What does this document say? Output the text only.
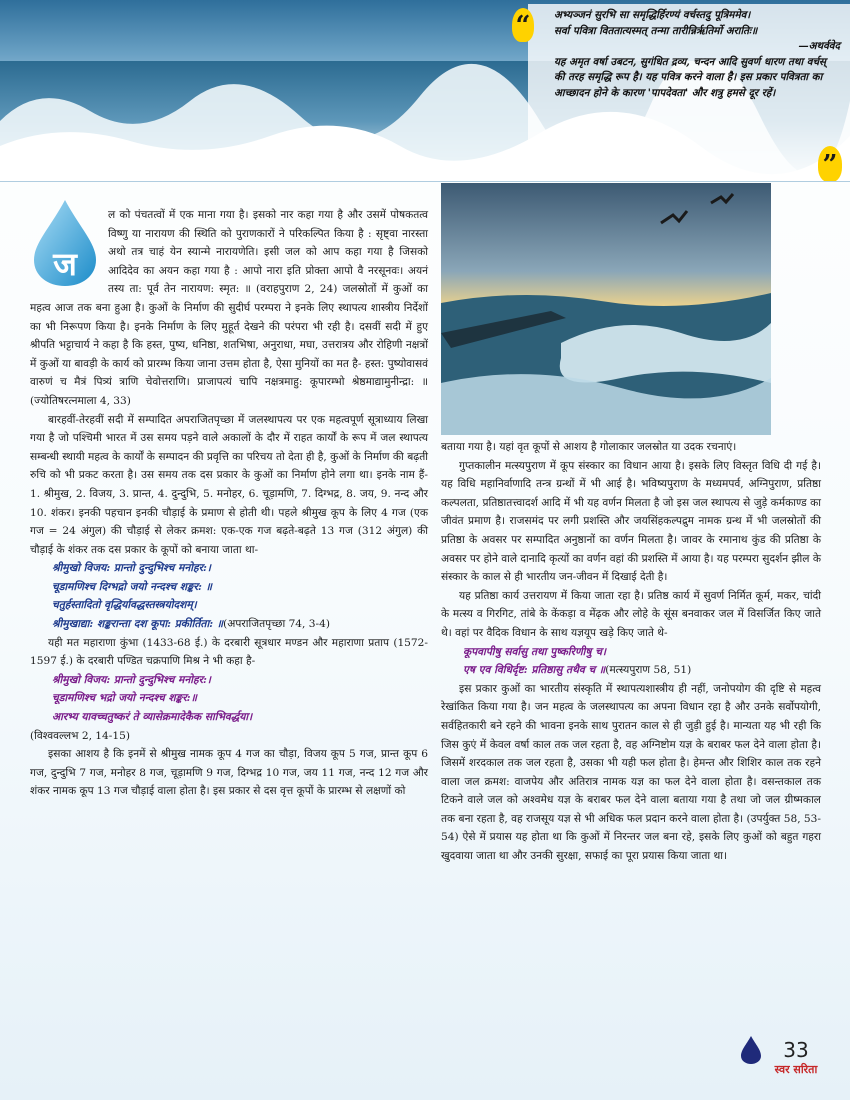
“	अभ्यञ्जनं सुरभि सा समृद्धिर्हिरण्यं वर्चस्तदु पूत्रिममेव।

सर्वा पवित्रा विततात्यस्मत् तन्मा तारीन्निर्ऋतिर्मो अरातिः॥

—अथर्ववेद

यह अमृत वर्षा उबटन, सुगंधित द्रव्य, चन्दन आदि सुवर्ण धारण तथा वर्चस् की तरह समृद्धि रूप है। यह पवित्र करने वाला है। इस प्रकार पवित्रता का आच्छादन होने के कारण 'पापदेवता' और शत्रु हमसे दूर रहें।

”
ज

ल को पंचतत्वों में एक माना गया है। इसको नार कहा गया है और उसमें पोषकतत्व विष्णु या नारायण की स्थिति को पुराणकारों ने परिकल्पित किया है : सृष्ट्वा नारस्ता अथो तत्र चाहं येन स्यान्मे नारायणेति। इसी जल को आप कहा गया है जिसको आदिदेव का अयन कहा गया है : आपो नारा इति प्रोक्ता आपो वै नरसूनवः। अयनं तस्य ता: पूर्व तेन नारायण: स्मृत: ॥ (वराहपुराण 2, 24) जलस्रोतों में कुओं का महत्व आज तक बना हुआ है। कुओं के निर्माण की सुदीर्घ परम्परा ने इनके लिए स्थापत्य शास्त्रीय निर्देशों का भी निरूपण किया है। इनके निर्माण के लिए मुहूर्त देखने की परंपरा भी रही है। दसवीं सदी में हुए श्रीपति भट्टाचार्य ने कहा है कि हस्त, पुष्य, धनिष्ठा, शतभिषा, अनुराधा, मघा, उत्तरात्रय और रोहिणी नक्षत्रों में कुओं या बावड़ी के कार्य को प्रारम्भ किया जाना उत्तम होता है, ऐसा मुनियों का मत है- हस्त: पुष्योवासवं वारुणं च मैत्रं पित्र्यं त्राणि चेवोत्तराणि। प्राजापत्यं चापि नक्षत्रमाहु: कूपारम्भो श्रेष्ठमाद्यामुनीन्द्रा: ॥ (ज्योतिषरत्नमाला 4, 33)

बारहवीं-तेरहवीं सदी में सम्पादित अपराजितपृच्छा में जलस्थापत्य पर एक महत्वपूर्ण सूत्राध्याय लिखा गया है जो पश्चिमी भारत में उस समय पड़ने वाले अकालों के दौर में राहत कार्यों के रूप में जल स्थापत्य सम्बन्धी स्थायी महत्व के कार्यों के सम्पादन की प्रवृत्ति का परिचय तो देता ही है, कुओं के निर्माण की बढ़ती रुचि को भी प्रकट करता है। उस समय तक दस प्रकार के कुओं का निर्माण होने लगा था। इनके नाम हैं- 1. श्रीमुख, 2. विजय, 3. प्रान्त, 4. दुन्दुभि, 5. मनोहर, 6. चूड़ामणि, 7. दिग्भद्र, 8. जय, 9. नन्द और 10. शंकर। इनकी पहचान इनकी चौड़ाई के प्रमाण से होती थी। पहले श्रीमुख कूप के लिए 4 गज (एक गज = 24 अंगुल) की चौड़ाई से लेकर क्रमश: एक-एक गज बढ़ते-बढ़ते 13 गज (312 अंगुल) की चौड़ाई के शंकर तक दस प्रकार के कूपों को बनाया जाता था-

श्रीमुखो विजय: प्रान्तो दुन्दुभिश्च मनोहर:।

चूडामणिश्च दिग्भद्रो जयो नन्दश्च शङ्कर: ॥

चतुर्हस्तादितो वृद्धिर्यावद्धस्तस्त्रयोदशम्।

श्रीमुखाद्या: शङ्करान्ता दश कूपा: प्रकीर्तिता: ॥(अपराजितपृच्छा 74, 3-4)

यही मत महाराणा कुंभा (1433-68 ई.) के दरबारी सूत्रधार मण्डन और महाराणा प्रताप (1572-1597 ई.) के दरबारी पण्डित चक्रपाणि मिश्र ने भी कहा है-

श्रीमुखो विजय: प्रान्तो दुन्दुभिश्च मनोहर:।

चूडामणिश्च भद्रो जयो नन्दश्च शङ्कर:॥

आरभ्य यावच्चतुष्करं ते व्यासेक्रमादेकैक साभिवर्द्धया।

(विश्ववल्लभ 2, 14-15)

इसका आशय है कि इनमें से श्रीमुख नामक कूप 4 गज का चौड़ा, विजय कूप 5 गज, प्रान्त कूप 6 गज, दुन्दुभि 7 गज, मनोहर 8 गज, चूड़ामणि 9 गज, दिग्भद्र 10 गज, जय 11 गज, नन्द 12 गज और शंकर नामक कूप 13 गज चौड़ाई वाला होता है। इस प्रकार से दस वृत्त कूपों के प्रारम्भ से लक्षणों को

बताया गया है। यहां वृत कूपों से आशय है गोलाकार जलस्रोत या उदक रचनाएं।

गुप्तकालीन मत्स्यपुराण में कूप संस्कार का विधान आया है। इसके लिए विस्तृत विधि दी गई है। यह विधि महानिर्वाणादि तन्त्र ग्रन्थों में भी आई है। भविष्यपुराण के मध्यमपर्व, अग्निपुराण, प्रतिष्ठा कल्पलता, प्रतिष्ठातत्त्वादर्श आदि में भी यह वर्णन मिलता है जो इस जल स्थापत्य से जुड़े कर्मकाण्ड का जीवंत प्रमाण है। राजसमंद पर लगी प्रशस्ति और जयसिंहकल्पद्रुम नामक ग्रन्थ में भी जलस्रोतों की प्रतिष्ठा के अवसर पर सम्पादित अनुष्ठानों का वर्णन मिलता है। जावर के रमानाथ कुंड की प्रतिष्ठा के अवसर पर होने वाले दानादि कृत्यों का वर्णन वहां की प्रशस्ति में आया है। यह परम्परा सुदर्शन झील के संस्कार के काल से ही भारतीय जन-जीवन में दिखाई देती है।

यह प्रतिष्ठा कार्य उत्तरायण में किया जाता रहा है। प्रतिष्ठ कार्य में सुवर्ण निर्मित कूर्म, मकर, चांदी के मत्स्य व गिरगिट, तांबे के केंकड़ा व मेंढ़क और लोहे के सूंस बनवाकर जल में विसर्जित किए जाते थे। वहां पर वैदिक विधान के साथ यज्ञयूप खड़े किए जाते थे-

कूपवापीषु सर्वासु तथा पुष्करिणीषु च।

एष एव विधिर्दृष्ट: प्रतिष्ठासु तथैव च ॥(मत्स्यपुराण 58, 51)

इस प्रकार कुओं का भारतीय संस्कृति में स्थापत्यशास्त्रीय ही नहीं, जनोपयोग की दृष्टि से महत्व रेखांकित किया गया है। जन महत्व के जलस्थापत्य का अपना विधान रहा है और उनके सर्वोपयोगी, सर्वहितकारी बने रहने की भावना इनके साथ पुरातन काल से ही जुड़ी हुई है। मान्यता यह भी रही कि जिस कुएं में केवल वर्षा काल तक जल रहता है, वह अग्निष्टोम यज्ञ के बराबर फल देने वाला होता है। जिसमें शरदकाल तक जल रहता है, उसका भी यही फल होता है। हेमन्त और शिशिर काल तक रहने वाला जल क्रमश: वाजपेय और अतिरात्र नामक यज्ञ का फल देने वाला होता है। वसन्तकाल तक टिकने वाले जल को अश्वमेध यज्ञ के बराबर फल देने वाला बताया गया है तथा जो जल ग्रीष्मकाल तक बना रहता है, वह राजसूय यज्ञ से भी अधिक फल प्रदान करने वाला होता है। (उपर्युक्त 58, 53-54) ऐसे में प्रयास यह होता था कि कुओं में निरन्तर जल बना रहे, इसके लिए कुओं को बहुत गहरा खुदवाया जाता था और उनकी सुरक्षा, सफाई का पूरा प्रयास किया जाता था।

33
स्वर सरिता
